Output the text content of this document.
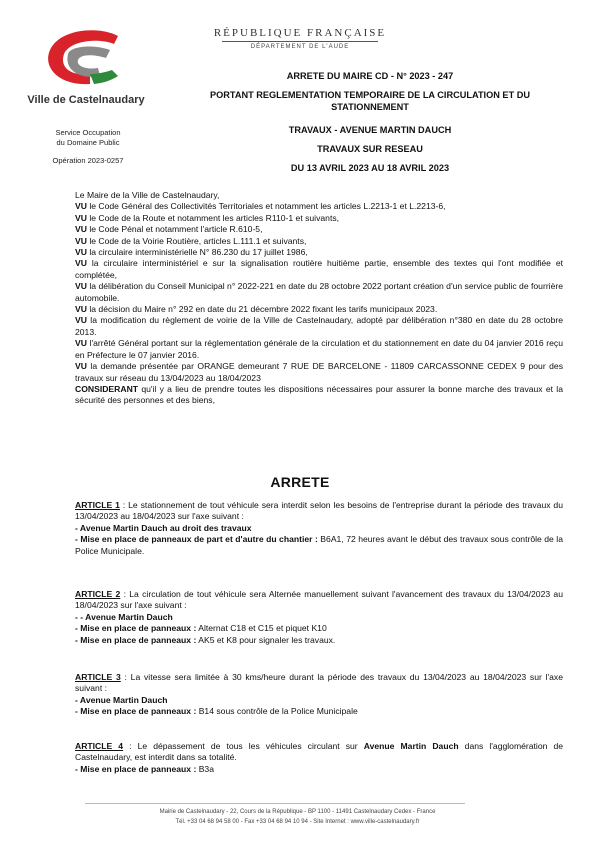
Ville de Castelnaudary
Service Occupation
du Domaine Public
Opération 2023-0257
RÉPUBLIQUE FRANÇAISE
DÉPARTEMENT DE L'AUDE
ARRETE DU MAIRE CD - N° 2023 - 247
PORTANT REGLEMENTATION TEMPORAIRE DE LA CIRCULATION ET DU STATIONNEMENT
TRAVAUX - AVENUE MARTIN DAUCH
TRAVAUX SUR RESEAU
DU 13 AVRIL 2023 AU 18 AVRIL 2023

Le Maire de la Ville de Castelnaudary,

VU le Code Général des Collectivités Territoriales et notamment les articles L.2213-1 et L.2213-6,

VU le Code de la Route et notamment les articles R110-1 et suivants,

VU le Code Pénal et notamment l'article R.610-5,

VU le Code de la Voirie Routière, articles L.111.1 et suivants,

VU la circulaire interministérielle N° 86.230 du 17 juillet 1986,

VU la circulaire interministériel e sur la signalisation routière huitième partie, ensemble des textes qui l'ont modifiée et complétée,

VU la délibération du Conseil Municipal n° 2022-221 en date du 28 octobre 2022 portant création d'un service public de fourrière automobile.

VU la décision du Maire n° 292 en date du 21 décembre 2022 fixant les tarifs municipaux 2023.

VU la modification du règlement de voirie de la Ville de Castelnaudary, adopté par délibération n°380 en date du 28 octobre 2013.

VU l'arrêté Général portant sur la réglementation générale de la circulation et du stationnement en date du 04 janvier 2016 reçu en Préfecture le 07 janvier 2016.

VU la demande présentée par ORANGE demeurant 7 RUE DE BARCELONE - 11809 CARCASSONNE CEDEX 9 pour des travaux sur réseau du 13/04/2023 au 18/04/2023

CONSIDERANT qu'il y a lieu de prendre toutes les dispositions nécessaires pour assurer la bonne marche des travaux et la sécurité des personnes et des biens,

ARRETE

ARTICLE 1 : Le stationnement de tout véhicule sera interdit selon les besoins de l'entreprise durant la période des travaux du 13/04/2023 au 18/04/2023 sur l'axe suivant :

- Avenue Martin Dauch au droit des travaux

- Mise en place de panneaux de part et d'autre du chantier : B6A1, 72 heures avant le début des travaux sous contrôle de la Police Municipale.

ARTICLE 2 : La circulation de tout véhicule sera Alternée manuellement suivant l'avancement des travaux du 13/04/2023 au 18/04/2023 sur l'axe suivant :

- - Avenue Martin Dauch

- Mise en place de panneaux : Alternat C18 et C15 et piquet K10

- Mise en place de panneaux : AK5 et K8 pour signaler les travaux.

ARTICLE 3 : La vitesse sera limitée à 30 kms/heure durant la période des travaux du 13/04/2023 au 18/04/2023 sur l'axe suivant :

- Avenue Martin Dauch

- Mise en place de panneaux : B14 sous contrôle de la Police Municipale

ARTICLE 4 : Le dépassement de tous les véhicules circulant sur Avenue Martin Dauch dans l'agglomération de Castelnaudary, est interdit dans sa totalité.

- Mise en place de panneaux : B3a

Mairie de Castelnaudary - 22, Cours de la République - BP 1100 - 11491 Castelnaudary Cedex - France
Tél. +33 04 68 94 58 00 - Fax +33 04 68 94 10 94 - Site Internet : www.ville-castelnaudary.fr
